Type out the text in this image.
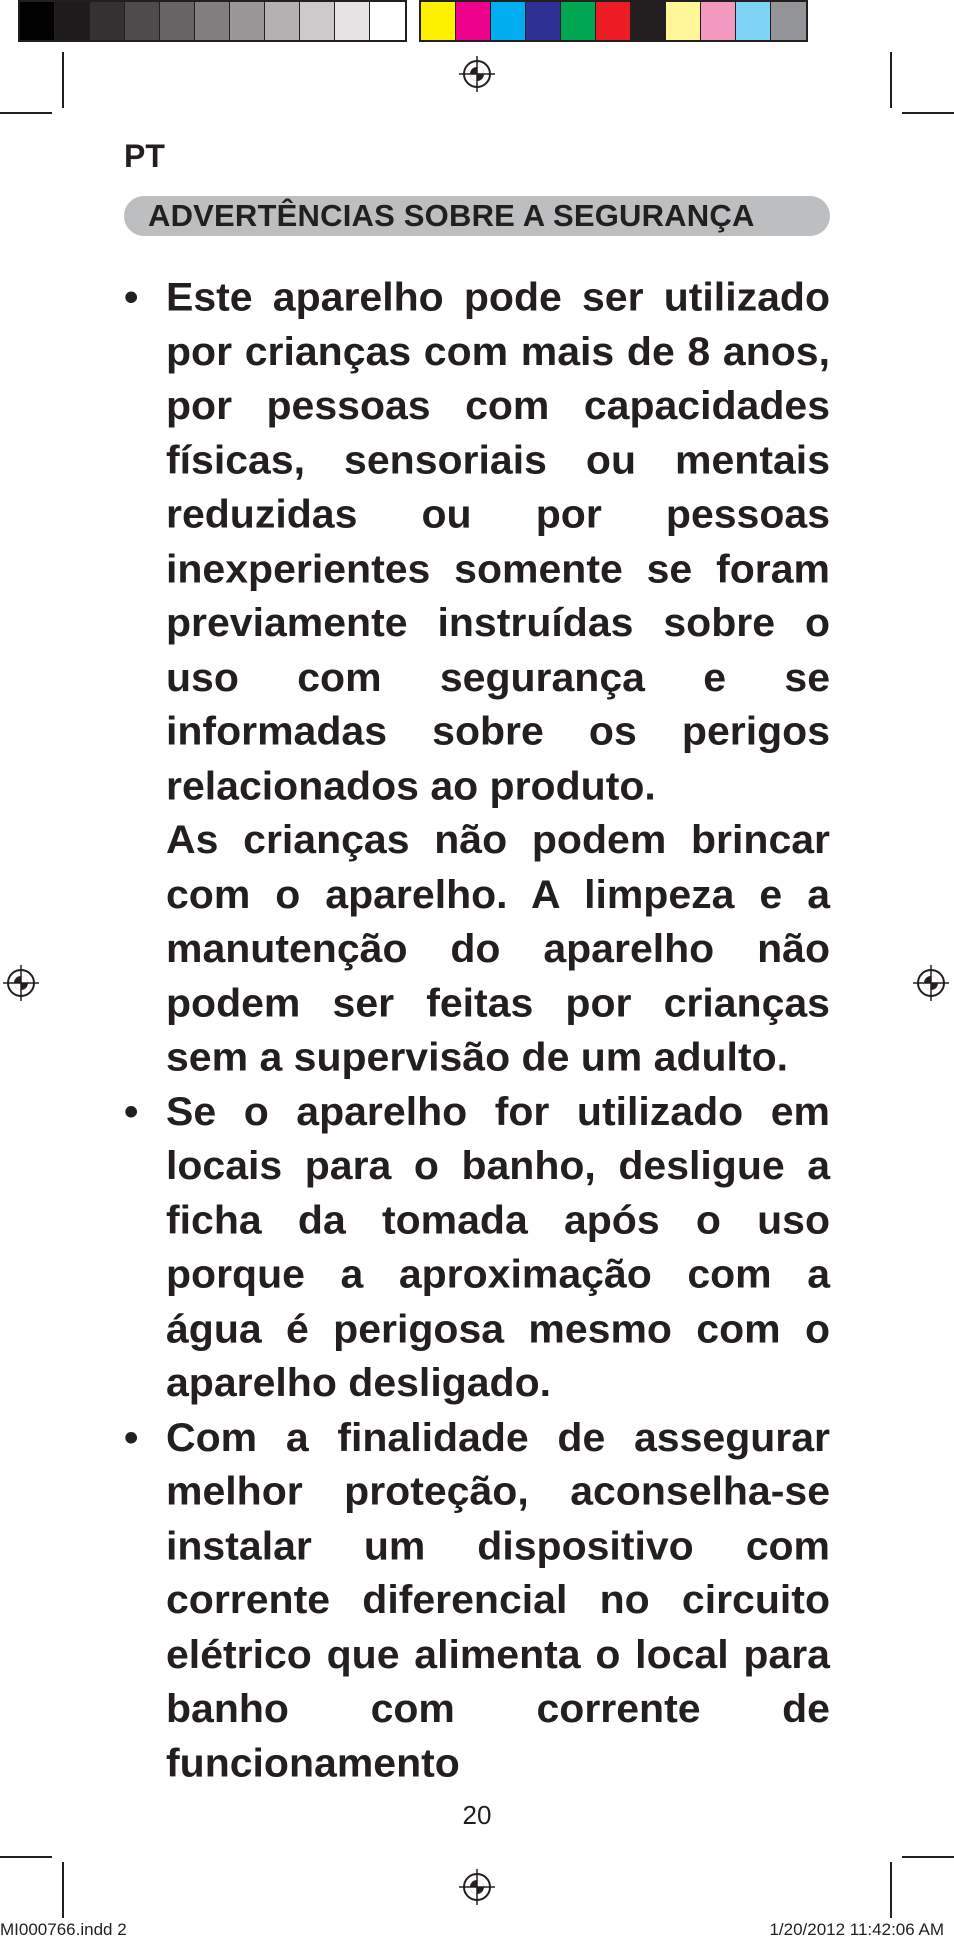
PT
ADVERTÊNCIAS SOBRE A SEGURANÇA
• Este aparelho pode ser utilizado por crianças com mais de 8 anos, por pessoas com capacidades físicas, sensoriais ou mentais reduzidas ou por pessoas inexperientes somente se foram previamente instruídas sobre o uso com segurança e se informadas sobre os perigos relacionados ao produto.

As crianças não podem brincar com o aparelho. A limpeza e a manutenção do aparelho não podem ser feitas por crianças sem a supervisão de um adulto.

• Se o aparelho for utilizado em locais para o banho, desligue a ficha da tomada após o uso porque a aproximação com a água é perigosa mesmo com o aparelho desligado.

• Com a finalidade de assegurar melhor proteção, aconselha-se instalar um dispositivo com corrente diferencial no circuito elétrico que alimenta o local para banho com corrente de funcionamento

20
MI000766.indd 2	1/20/2012 11:42:06 AM
